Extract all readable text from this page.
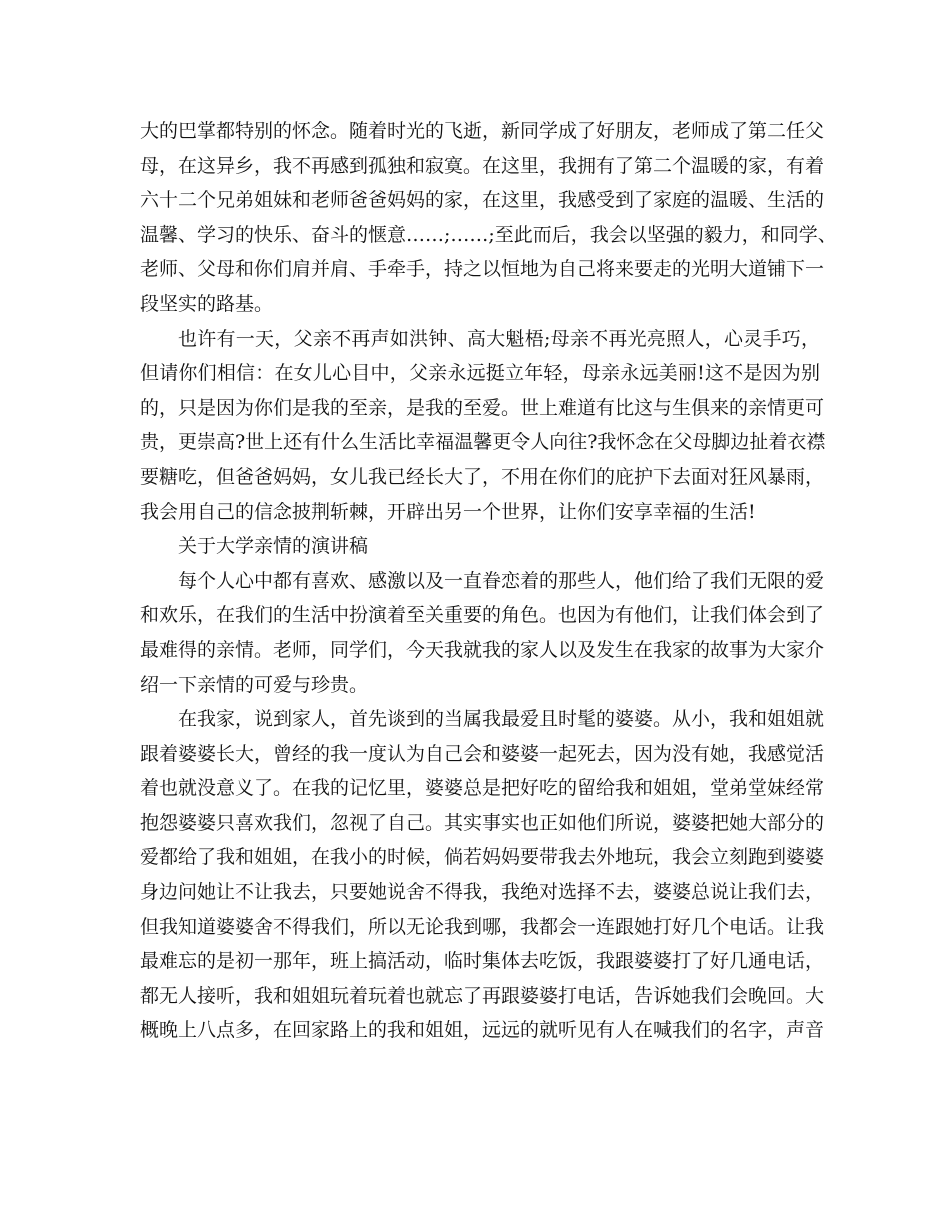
大的巴掌都特别的怀念。随着时光的飞逝，新同学成了好朋友，老师成了第二任父
母，在这异乡，我不再感到孤独和寂寞。在这里，我拥有了第二个温暖的家，有着
六十二个兄弟姐妹和老师爸爸妈妈的家，在这里，我感受到了家庭的温暖、生活的
温馨、学习的快乐、奋斗的惬意……;……;至此而后，我会以坚强的毅力，和同学、
老师、父母和你们肩并肩、手牵手，持之以恒地为自己将来要走的光明大道铺下一
段坚实的路基。
也许有一天，父亲不再声如洪钟、高大魁梧;母亲不再光亮照人，心灵手巧，
但请你们相信：在女儿心目中，父亲永远挺立年轻，母亲永远美丽!这不是因为别
的，只是因为你们是我的至亲，是我的至爱。世上难道有比这与生俱来的亲情更可
贵，更崇高?世上还有什么生活比幸福温馨更令人向往?我怀念在父母脚边扯着衣襟
要糖吃，但爸爸妈妈，女儿我已经长大了，不用在你们的庇护下去面对狂风暴雨，
我会用自己的信念披荆斩棘，开辟出另一个世界，让你们安享幸福的生活!
关于大学亲情的演讲稿
每个人心中都有喜欢、感激以及一直眷恋着的那些人，他们给了我们无限的爱
和欢乐，在我们的生活中扮演着至关重要的角色。也因为有他们，让我们体会到了
最难得的亲情。老师，同学们，今天我就我的家人以及发生在我家的故事为大家介
绍一下亲情的可爱与珍贵。
在我家，说到家人，首先谈到的当属我最爱且时髦的婆婆。从小，我和姐姐就
跟着婆婆长大，曾经的我一度认为自己会和婆婆一起死去，因为没有她，我感觉活
着也就没意义了。在我的记忆里，婆婆总是把好吃的留给我和姐姐，堂弟堂妹经常
抱怨婆婆只喜欢我们，忽视了自己。其实事实也正如他们所说，婆婆把她大部分的
爱都给了我和姐姐，在我小的时候，倘若妈妈要带我去外地玩，我会立刻跑到婆婆
身边问她让不让我去，只要她说舍不得我，我绝对选择不去，婆婆总说让我们去，
但我知道婆婆舍不得我们，所以无论我到哪，我都会一连跟她打好几个电话。让我
最难忘的是初一那年，班上搞活动，临时集体去吃饭，我跟婆婆打了好几通电话，
都无人接听，我和姐姐玩着玩着也就忘了再跟婆婆打电话，告诉她我们会晚回。大
概晚上八点多，在回家路上的我和姐姐，远远的就听见有人在喊我们的名字，声音
